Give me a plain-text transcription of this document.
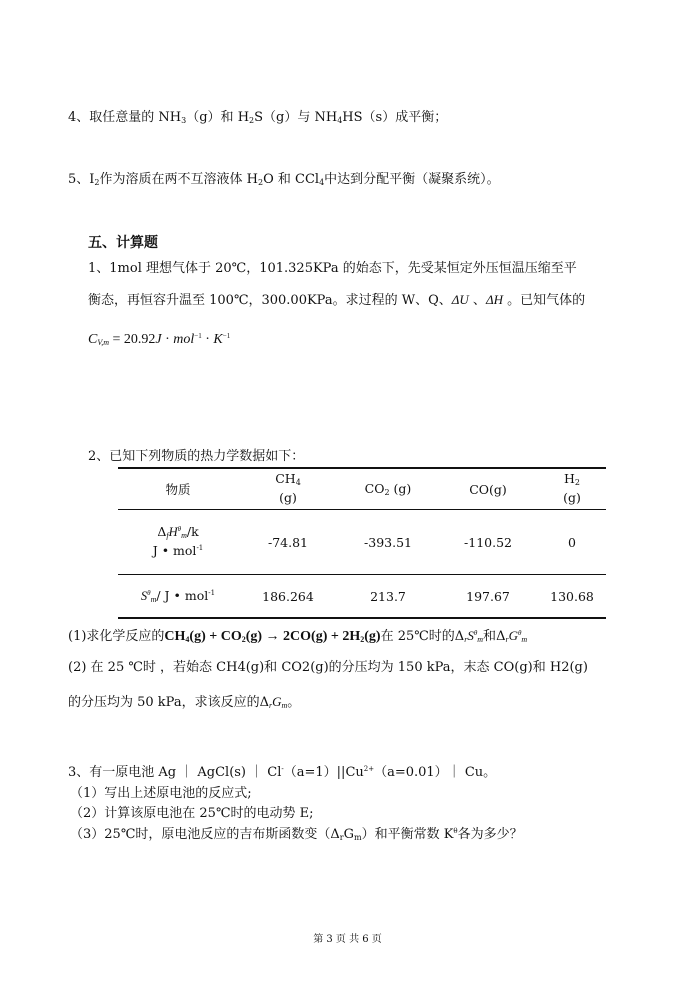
4、取任意量的 $NH_3(g)$和 $H_2S(g)$与 $NH_4HS(s)$成平衡；
5、$I_2$作为溶质在两不互溶液体 $H_2O$ 和 CCl$_4$中达到分配平衡（凝聚系统）。
五、计算题
1、1mol 理想气体于 20℃，101.325KPa 的始态下，先受某恒定外压恒温压缩至平
衡态，再恒容升温至 100℃，300.00KPa。求过程的 W、Q、ΔU 、ΔH 。已知气体的
$C_{V,m} = 20.92J \cdot mol^{-1} \cdot K^{-1}$
2、已知下列物质的热力学数据如下：
物质	$CH_4$
(g)	$CO_2$ (g)	CO(g)	$H_2$
(g)
$\Delta_fH^\theta_m/k$
J • mol$^{-1}$	-74.81	-393.51	-110.52	0
$S^\theta_m/$ J • mol$^{-1}$	186.264	213.7	197.67	130.68
(1)求化学反应的$CH_4(g) + CO_2(g) \to 2CO(g) + 2H_2(g)$在 25℃时的$\Delta_rS^\theta_m$和$\Delta_rG^\theta_m$
(2) 在 25 ℃时 ，若始态 CH4(g)和 CO2(g)的分压均为 150 kPa，末态 CO(g)和 H2(g)
的分压均为 50 kPa，求该反应的$\Delta_rG_m$。
3、有一原电池 Ag ｜ AgCl(s) ｜ $Cl^-(a=1)||Cu^{2+}(a=0.01)|$ Cu。
（1）写出上述原电池的反应式;
（2）计算该原电池在 25℃时的电动势 E;
（3）25℃时，原电池反应的吉布斯函数变$(\Delta_rG_m)$和平衡常数 $K^\theta$各为多少？
第 3 页 共 6 页
